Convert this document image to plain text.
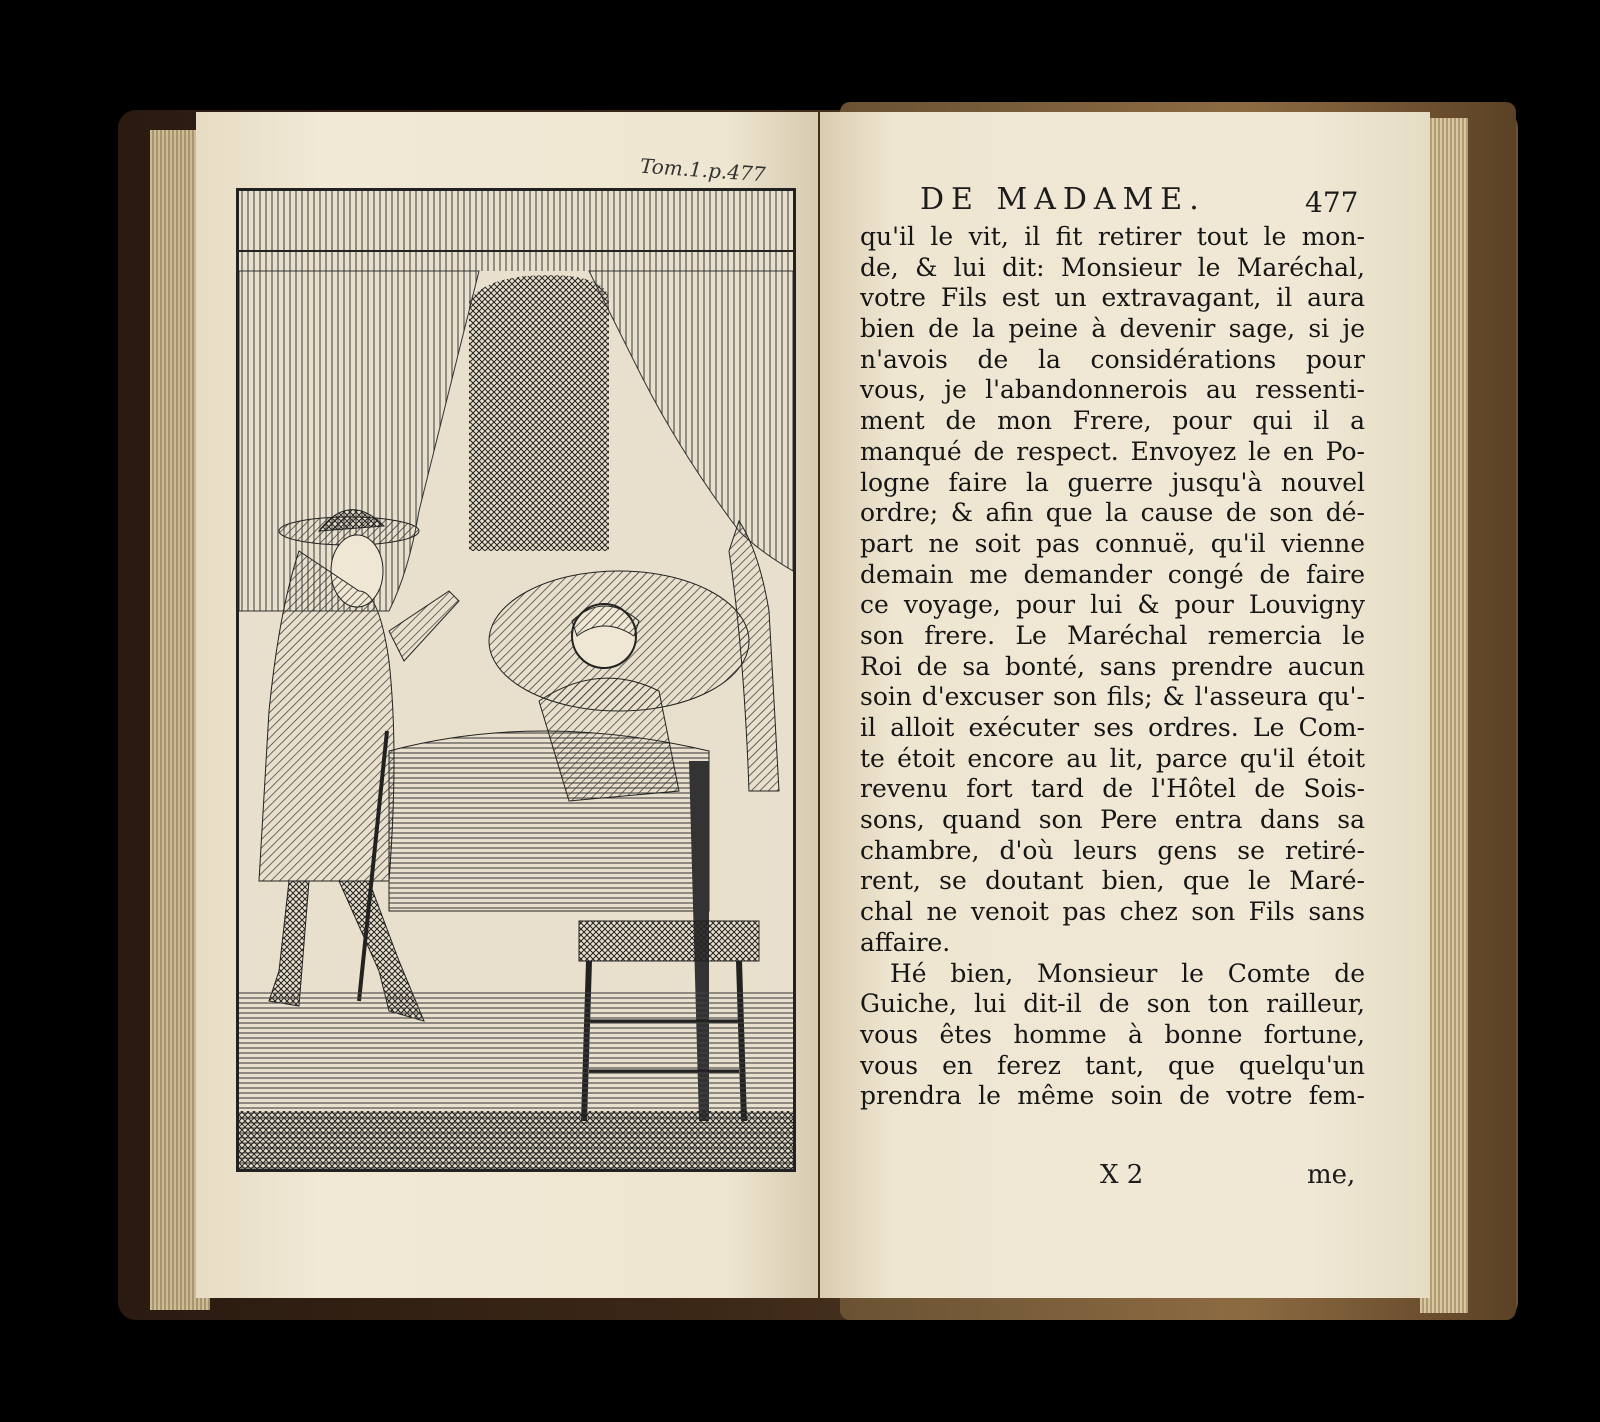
Tom.1.p.477
DE MADAME.	477
qu'il le vit, il fit retirer tout le mon-
de, & lui dit: Monsieur le Maréchal,
votre Fils est un extravagant, il aura
bien de la peine à devenir sage, si je
n'avois de la considérations pour
vous, je l'abandonnerois au ressenti-
ment de mon Frere, pour qui il a
manqué de respect. Envoyez le en Po-
logne faire la guerre jusqu'à nouvel
ordre; & afin que la cause de son dé-
part ne soit pas connuë, qu'il vienne
demain me demander congé de faire
ce voyage, pour lui & pour Louvigny
son frere. Le Maréchal remercia le
Roi de sa bonté, sans prendre aucun
soin d'excuser son fils; & l'asseura qu'-
il alloit exécuter ses ordres. Le Com-
te étoit encore au lit, parce qu'il étoit
revenu fort tard de l'Hôtel de Sois-
sons, quand son Pere entra dans sa
chambre, d'où leurs gens se retiré-
rent, se doutant bien, que le Maré-
chal ne venoit pas chez son Fils sans
affaire.
Hé bien, Monsieur le Comte de
Guiche, lui dit-il de son ton railleur,
vous êtes homme à bonne fortune,
vous en ferez tant, que quelqu'un
prendra le même soin de votre fem-
X 2	me,
